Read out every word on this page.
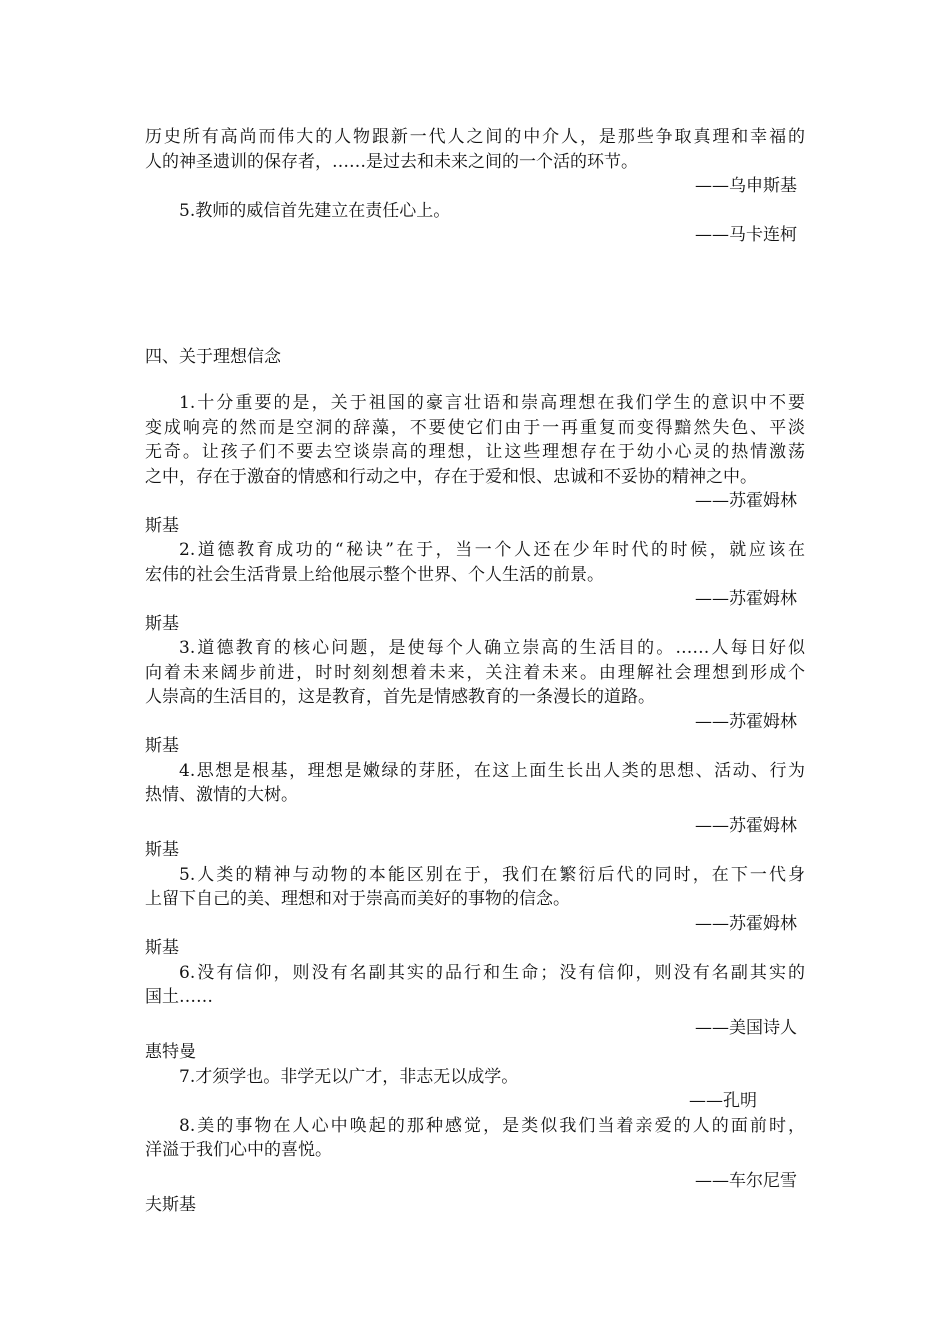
历史所有高尚而伟大的人物跟新一代人之间的中介人，是那些争取真理和幸福的
人的神圣遗训的保存者，……是过去和未来之间的一个活的环节。
——乌申斯基
5.教师的威信首先建立在责任心上。
——马卡连柯
四、关于理想信念
1.十分重要的是，关于祖国的豪言壮语和崇高理想在我们学生的意识中不要
变成响亮的然而是空洞的辞藻，不要使它们由于一再重复而变得黯然失色、平淡
无奇。让孩子们不要去空谈崇高的理想，让这些理想存在于幼小心灵的热情激荡
之中，存在于激奋的情感和行动之中，存在于爱和恨、忠诚和不妥协的精神之中。
——苏霍姆林
斯基
2.道德教育成功的“秘诀”在于，当一个人还在少年时代的时候，就应该在
宏伟的社会生活背景上给他展示整个世界、个人生活的前景。
——苏霍姆林
斯基
3.道德教育的核心问题，是使每个人确立崇高的生活目的。……人每日好似
向着未来阔步前进，时时刻刻想着未来，关注着未来。由理解社会理想到形成个
人崇高的生活目的，这是教育，首先是情感教育的一条漫长的道路。
——苏霍姆林
斯基
4.思想是根基，理想是嫩绿的芽胚，在这上面生长出人类的思想、活动、行为
热情、激情的大树。
——苏霍姆林
斯基
5.人类的精神与动物的本能区别在于，我们在繁衍后代的同时，在下一代身
上留下自己的美、理想和对于崇高而美好的事物的信念。
——苏霍姆林
斯基
6.没有信仰，则没有名副其实的品行和生命；没有信仰，则没有名副其实的
国土……
——美国诗人
惠特曼
7.才须学也。非学无以广才，非志无以成学。
——孔明
8.美的事物在人心中唤起的那种感觉，是类似我们当着亲爱的人的面前时，
洋溢于我们心中的喜悦。
——车尔尼雪
夫斯基
